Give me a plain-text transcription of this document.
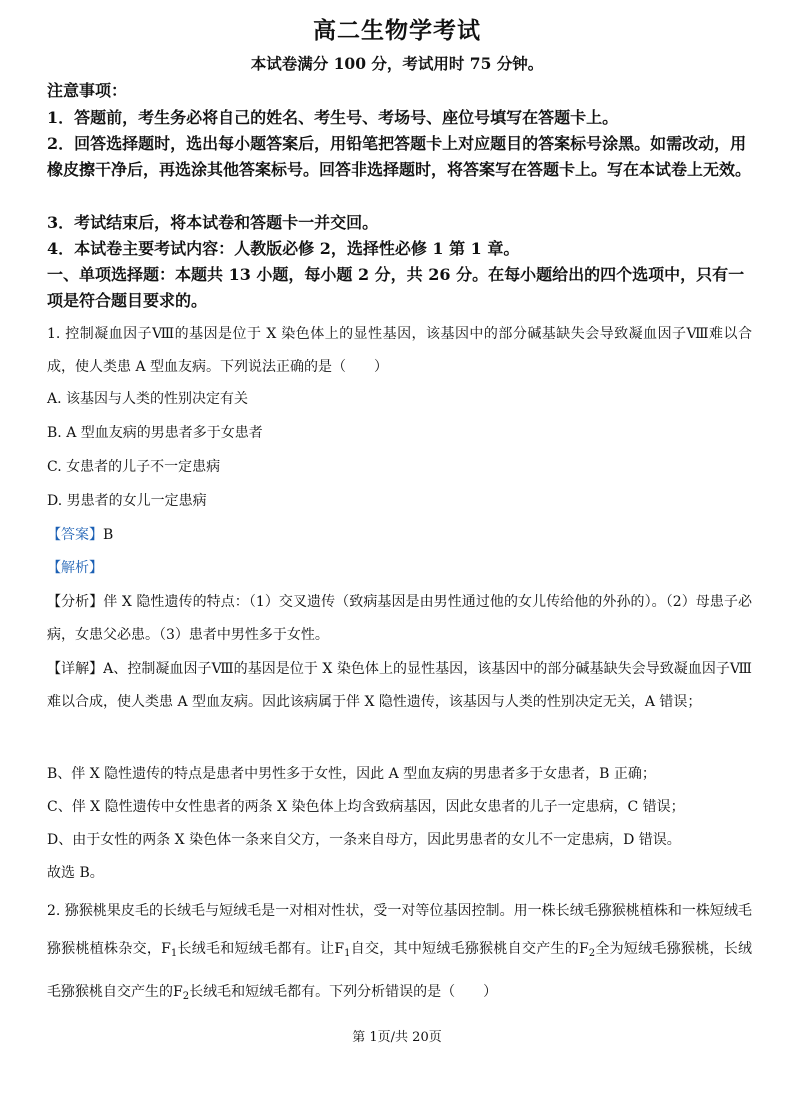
高二生物学考试
本试卷满分 100 分，考试用时 75 分钟。
注意事项：
1．答题前，考生务必将自己的姓名、考生号、考场号、座位号填写在答题卡上。
2．回答选择题时，选出每小题答案后，用铅笔把答题卡上对应题目的答案标号涂黑。如需改动，用橡皮擦干净后，再选涂其他答案标号。回答非选择题时，将答案写在答题卡上。写在本试卷上无效。
3．考试结束后，将本试卷和答题卡一并交回。
4．本试卷主要考试内容：人教版必修 2，选择性必修 1 第 1 章。
一、单项选择题：本题共 13 小题，每小题 2 分，共 26 分。在每小题给出的四个选项中，只有一项是符合题目要求的。
1. 控制凝血因子Ⅷ的基因是位于 X 染色体上的显性基因，该基因中的部分碱基缺失会导致凝血因子Ⅷ难以合成，使人类患 A 型血友病。下列说法正确的是（　　）
A. 该基因与人类的性别决定有关
B. A 型血友病的男患者多于女患者
C. 女患者的儿子不一定患病
D. 男患者的女儿一定患病
【答案】B
【解析】
【分析】伴 X 隐性遗传的特点：（1）交叉遗传（致病基因是由男性通过他的女儿传给他的外孙的）。（2）母患子必病，女患父必患。（3）患者中男性多于女性。
【详解】A、控制凝血因子Ⅷ的基因是位于 X 染色体上的显性基因，该基因中的部分碱基缺失会导致凝血因子Ⅷ难以合成，使人类患 A 型血友病。因此该病属于伴 X 隐性遗传，该基因与人类的性别决定无关，A 错误；
B、伴 X 隐性遗传的特点是患者中男性多于女性，因此 A 型血友病的男患者多于女患者，B 正确；
C、伴 X 隐性遗传中女性患者的两条 X 染色体上均含致病基因，因此女患者的儿子一定患病，C 错误；
D、由于女性的两条 X 染色体一条来自父方，一条来自母方，因此男患者的女儿不一定患病，D 错误。
故选 B。
2. 猕猴桃果皮毛的长绒毛与短绒毛是一对相对性状，受一对等位基因控制。用一株长绒毛猕猴桃植株和一株短绒毛猕猴桃植株杂交，$F_1$长绒毛和短绒毛都有。让$F_1$自交，其中短绒毛猕猴桃自交产生的$F_2$全为短绒毛猕猴桃，长绒毛猕猴桃自交产生的$F_2$长绒毛和短绒毛都有。下列分析错误的是（　　）
第 1页/共 20页
